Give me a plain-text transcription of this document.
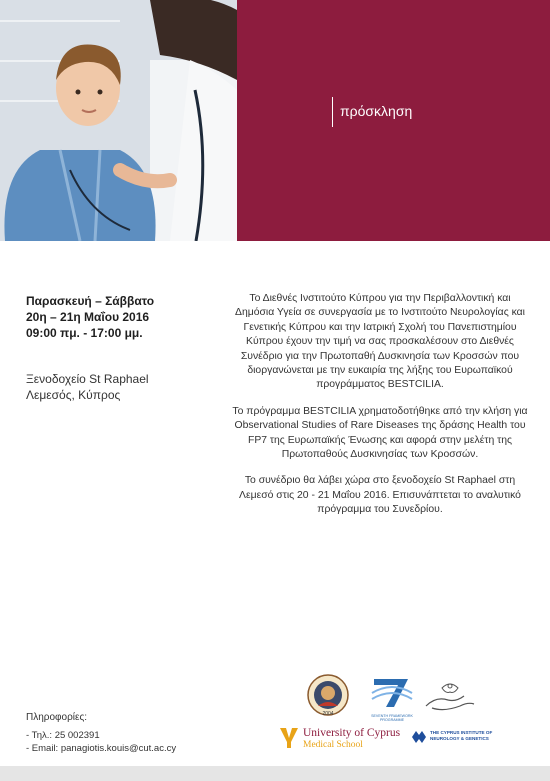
πρόσκληση
Παρασκευή – Σάββατο
20η – 21η Μαΐου 2016
09:00 πμ. - 17:00 μμ.
Ξενοδοχείο St Raphael
Λεμεσός, Κύπρος

Το Διεθνές Ινστιτούτο Κύπρου για την Περιβαλλοντική και Δημόσια Υγεία σε συνεργασία με το Ινστιτούτο Νευρολογίας και Γενετικής Κύπρου και την Ιατρική Σχολή του Πανεπιστημίου Κύπρου έχουν την τιμή να σας προσκαλέσουν στο Διεθνές Συνέδριο για την Πρωτοπαθή Δυσκινησία των Κροσσών που διοργανώνεται με την ευκαιρία της λήξης του Ευρωπαϊκού προγράμματος BESTCILIA.

Το πρόγραμμα BESTCILIA χρηματοδοτήθηκε από την κλήση για Observational Studies of Rare Diseases της δράσης Health του FP7 της Ευρωπαϊκής Ένωσης και αφορά στην μελέτη της Πρωτοπαθούς Δυσκινησίας των Κροσσών.

Το συνέδριο θα λάβει χώρα στο ξενοδοχείο St Raphael στη Λεμεσό στις 20 - 21 Μαΐου 2016. Επισυνάπτεται το αναλυτικό πρόγραμμα του Συνεδρίου.

Πληροφορίες:
- Τηλ.: 25 002391
- Email: panagiotis.kouis@cut.ac.cy
2004	SEVENTH FRAMEWORK PROGRAMME
University of Cyprus
Medical School
THE CYPRUS INSTITUTE OF NEUROLOGY & GENETICS
